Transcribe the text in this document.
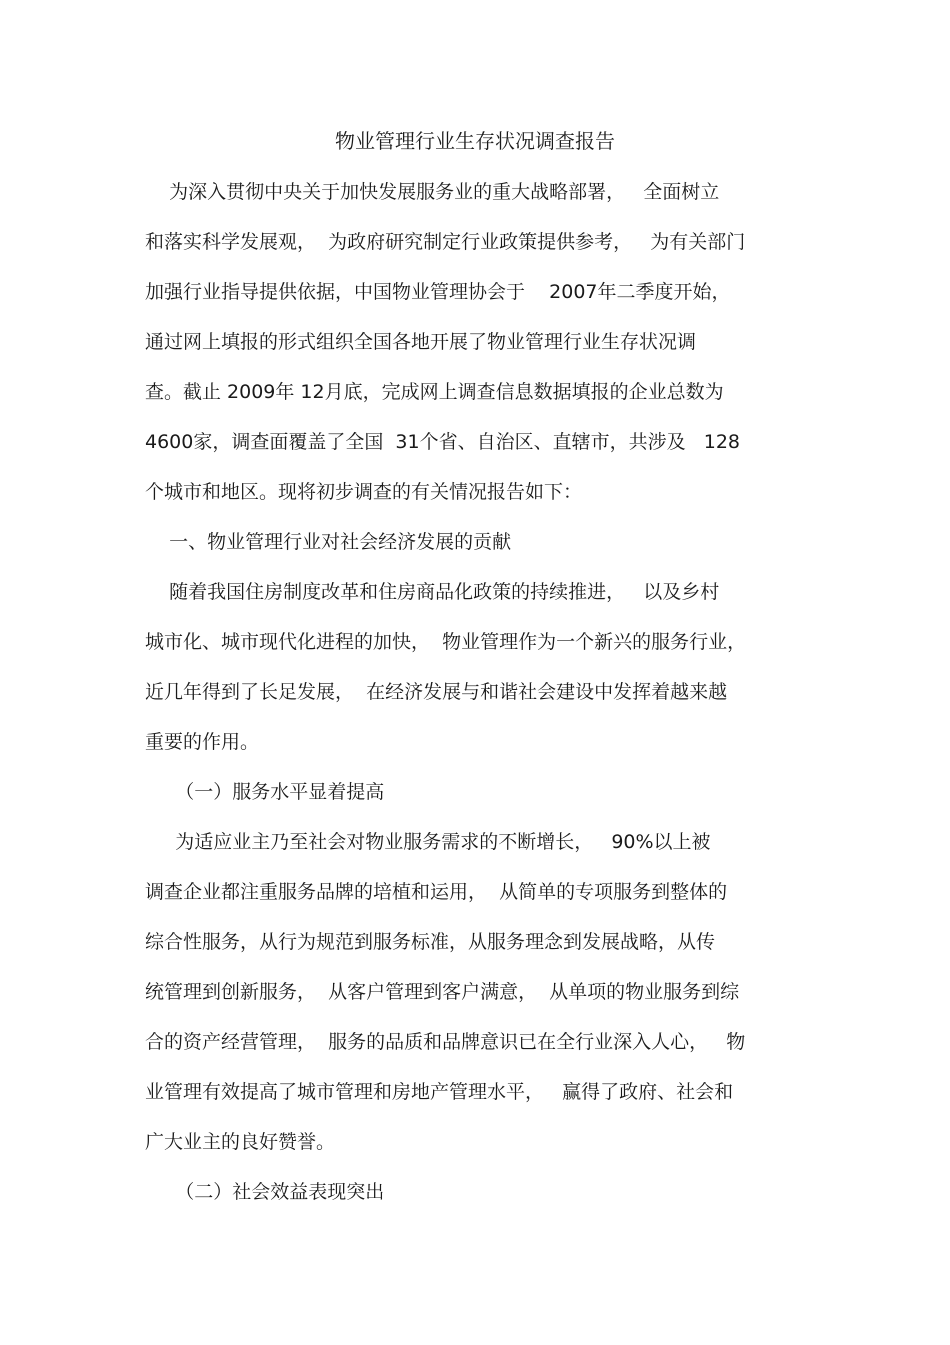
物业管理行业生存状况调查报告

为深入贯彻中央关于加快发展服务业的重大战略部署，   全面树立

和落实科学发展观，  为政府研究制定行业政策提供参考，   为有关部门

加强行业指导提供依据，中国物业管理协会于    2007年二季度开始，

通过网上填报的形式组织全国各地开展了物业管理行业生存状况调

查。截止 2009年 12月底，完成网上调查信息数据填报的企业总数为

4600家，调查面覆盖了全国  31个省、自治区、直辖市，共涉及   128

个城市和地区。现将初步调查的有关情况报告如下：

一、物业管理行业对社会经济发展的贡献

随着我国住房制度改革和住房商品化政策的持续推进，   以及乡村

城市化、城市现代化进程的加快，  物业管理作为一个新兴的服务行业，

近几年得到了长足发展，  在经济发展与和谐社会建设中发挥着越来越

重要的作用。

（一）服务水平显着提高

为适应业主乃至社会对物业服务需求的不断增长，   90%以上被

调查企业都注重服务品牌的培植和运用，  从简单的专项服务到整体的

综合性服务，从行为规范到服务标准，从服务理念到发展战略，从传

统管理到创新服务，  从客户管理到客户满意，  从单项的物业服务到综

合的资产经营管理，  服务的品质和品牌意识已在全行业深入人心，   物

业管理有效提高了城市管理和房地产管理水平，   赢得了政府、社会和

广大业主的良好赞誉。

（二）社会效益表现突出
